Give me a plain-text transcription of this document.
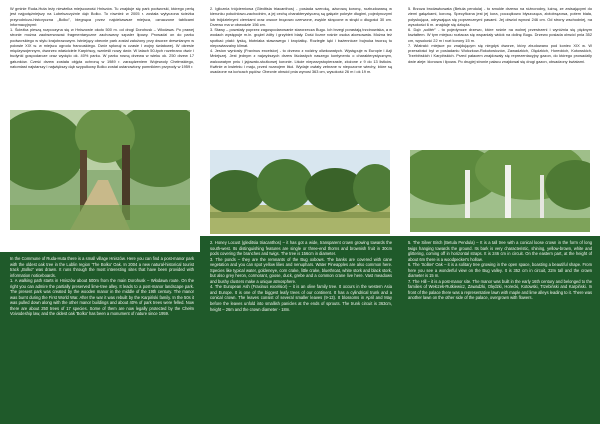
W gminie Ruda-Huta leży niewielka miejscowość Hniszów. Tu znajduje się park podworski, którego perłą jest najpotężniejszy na Lubelszczyźnie dąb Bolko. To również w 2005 r. została wytyczona ścieżka przyrodniczo-historyczna „Bolko", biegnąca przez najciekawsze miejsca, oznaczone tablicami informacyjnymi:
1. Ścieżka pieszą rozpoczyna się w Hniszowie około 500 m. od drogi Dorohusk – Włodawa. Po prawej stronie można zaobserwować fragmentaryczne zachowany szpaler lipowy. Prowadzi on do parku podworskiego w stylu krajobrazowym. Istniejący obecnie park został założony przy dworze drewnianym w połowie XIX w. w miejscu ogrodu francuskiego. Dwór spłonął w czasie I wojny światowej. W okresie międzywojennym, dworzec właściciele Karpińscy, wznieśli nowy dwór. W latach 50-tych rozebrano dwór i budynki gospodarcze oraz wycięto ok. 40% parku. W parku rosną drzewa w wieku ok. 250 drzew 17 gatunków. Cześć drzew została objęta ochroną w 1989 r. zarządzeniem Wojewody Chełmskiego, natomiast najstarszy i największy dąb szypułkowy Bolko został ustanowiony pomnikiem przyrody w 1959 r.
In the Commune of Ruda-Huta there is a small village Hniszów. Here you can find a post-manor park with the oldest oak tree in the Lublin region 'The Bolko' Oak. In 2004 a new natural-historical tourist track „Bolko" was drawn. It runs through the most interesting sites that have been provided with information noticeboards.
1. A walking path starts in Hniszów about 500m from the main Dorohusk – Włodawa route. On the right you can admire the partially preserved lime-tree alley. It leads to a post-manor landscape park. The present park was created by the wooden manor in the middle of the 19th century. The manor was burnt during the First World War. After the war it was rebuilt by the Karpiński family. In the 50s it was pulled down along with the other manor buildings and about 40% of park trees were felled. Now there are about 250 trees of 17 species. Some of them are now legally protected by the Chełm Voivodeship law, and the oldest oak 'Bolko' has been a monument of nature since 1959.
2. Iglicznia trójcierniowa (Gleditsia triacanthos) - posiada szeroką, ażurową koronę, rozbudowaną w kierunku południowo-zachodnim, a jej cechą charakterystyczną są gałęzie pokryte długimi, pojedynczymi lub trójdzielnymi cierniami oraz owoce brązowo czerwone, zwykle skręcone w strąki o długości 30 cm. Drzewo ma w obwodzie 156 cm.
3. Stawy – powstały poprzez zagospodarowanie starorzecza Bugu. Ich brzegi porastają trzcinowiska, a w wodach występuje m.in. grążel żółty i grzybień biały. Dość liczne rośnie osoka aloesowata. Można też spotkać ptaki: łyską, błotniaka stawowego i kropiatkę. Rozległe łąki i bażennicze bujnuka tworzą tu niepowtarzalny klimat.
4. Jesion wyniosły (Fraxinus excelsior) - to drzewo z rodziny oliwkowatych. Występuje w Europie i Azji Mniejszej. Jest jednym z najwyższych drzew liściastych naszego kontynentu o charakterystycznym, walcowatym pniu i jajowato-stożkowej koronie. Liście nieparzystopierzaste, złożone z 9 do 13 listków. Kwitnie w kwietniu i maju, przed rozwojem liści. Wydaje owłaty zebrane w niepozorne wiechy, które są osadzone na końcach pędów. Obecnie obwód pnia wynosi 363 cm, wysokość 26 m i ok 19 m.
2. Honey Locust (gleditsia triacanthos) – it has got a wide, transparent crown growing towards the south-west. Its distinguishing features are single or three-end thorns and brownish fruit in 30cm pods covering the branches and twigs. The tree is 156cm in diameter.
3. The ponds – they are the remnants of the Bug oxbows. The banks are covered with cane vegetation and you can spot yellow lilies and nenuphars. Water Pineapples are also common here. Species like typical water, goldeneye, corn crake, little crake, bluethroat, white stork and black stork, but also grey heron, cormorant, goose, duck, grebe and a common crane live here. Vast meadows and bushy clusters make a unique atmosphere.
4. The European Ash (Fraxinus excelsior) – it is an olive family tree. It occurs in the western Asia and Europe. It is one of the biggest leafy trees of our continent. It has a cylindrical trunk and a conical crown. The leaves consist of several smaller leaves (9-13). It blossoms in April and May before the leaves unfold into smallish panicles at the ends of sprouts. The trunk circuit is 363cm, height – 26m and the crown diameter - 18m.
5. Brzoza brodawkowata (Betula pendula) - to smukłe drzewo na różnorodny, luźną, ze zwisającymi do ziemi gałązkami, koroną. Specyficzna jest jej kora, początkowo błyszcząca, złotobrązowa, potem biała, połyskująca, odrywająca się poprzecznymi pasami. Jej obwód wynosi 246 cm. Od strony wschodniej, na wysokości 6 m. znajduje się dziupla.
6. Dąb „solitér" - to pojedyncze drzewo, które rośnie na wolnej przestrzeni i wyróżnia się pięknym kształtem. W tym miejscu roztacza się wspaniały widok na dolinę Bugu. Drzewo posiada obwód pnia 352 cm, wysokość 22 m i rozt korony 15 m.
7. Wiatraki: miejsce po znajdującym się niegdyś dworze, który zbudowano pod koniec XIX w. W przeszłości był w posiadaniu Wołczkow-Rokutowiczów, Zawadzkich, Olędzkich, Horeckich, Kotowskich, Trzebińskich i Karpińskich. Przed pałacem znajdowały się reprezentacyjny gazon, do którego prowadziły dwie aleje: klonowa i lipowa. Po drugiej stronie pałacu znajdował się drugi gazon, obsadzony kwiatami.
5. The Silver Birch (Betula Pendula) – It is a tall tree with a conical loose crown in the form of long twigs hanging towards the ground. Its bark is very characteristic, shining, yellow-brown, white and glittering, coming off in horizontal straps. It is 246 cm in circuit. On the eastern part, at the height of about 6m there is a woodpecker's hollow.
6. The 'Soliter' Oak – it is a solitary tree growing in the open space, boasting a beautiful shape. From here you see a wonderful view on the Bug valley. It is 352 cm in circuit, 22m tall and the crown diameter is 15 m.
7. The Hill – it is a post-manor site. The manor was built in the early 16th century and belonged to the families of Wełczek-Rutkiewicz, Zawadzki, Olędzki, Horecki, Kotowski, Trzebiński and Karpiński. In front of the palace there was a representative lawn with maple and lime alleys leading to it. There was another lawn on the other side of the palace, overgrown with flowers.
